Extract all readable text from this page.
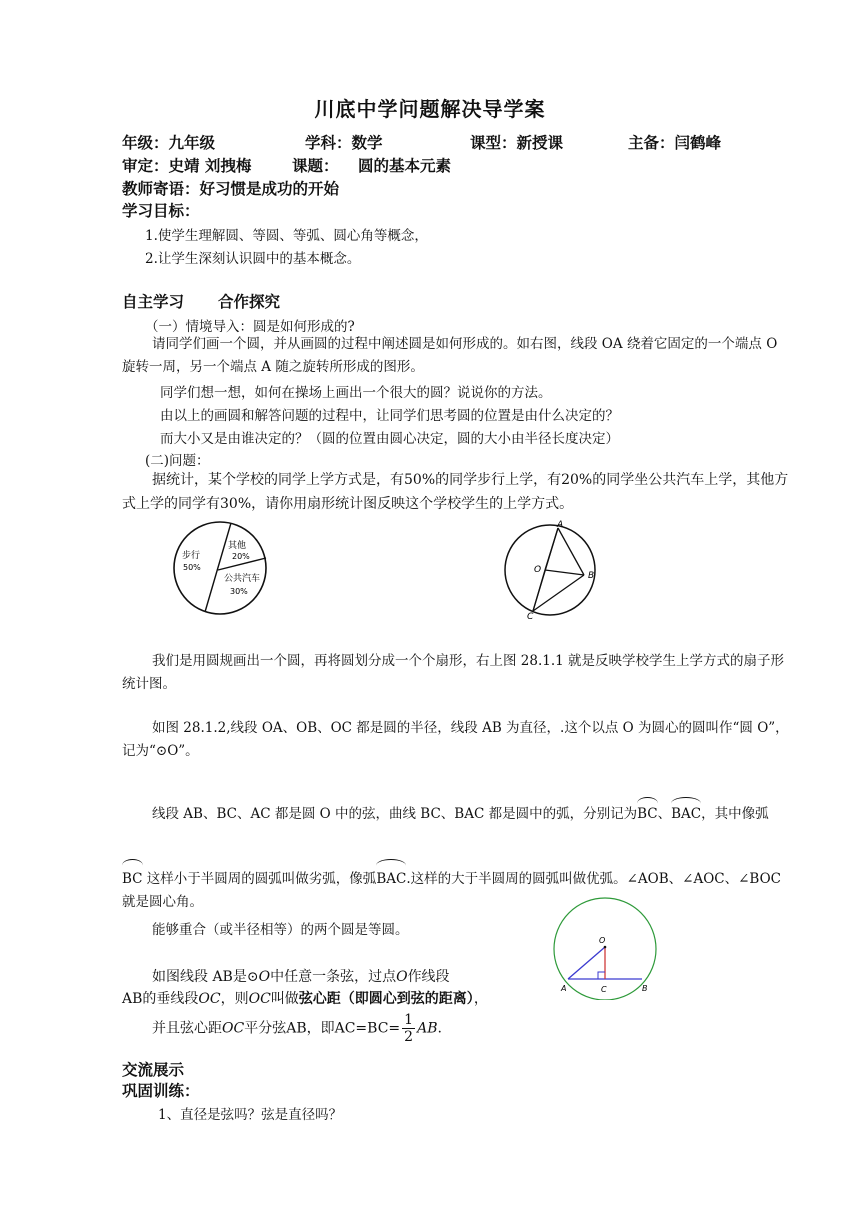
川底中学问题解决导学案
年级：九年级	学科：数学	课型：新授课	主备：闫鹤峰
审定：史靖 刘拽梅	课题： 圆的基本元素
教师寄语：好习惯是成功的开始
学习目标：
1.使学生理解圆、等圆、等弧、圆心角等概念，
2.让学生深刻认识圆中的基本概念。
自主学习 合作探究
（一）情境导入：圆是如何形成的?
请同学们画一个圆，并从画圆的过程中阐述圆是如何形成的。如右图，线段 OA 绕着它固定的一个端点 O 旋转一周，另一个端点 A 随之旋转所形成的图形。
同学们想一想，如何在操场上画出一个很大的圆？说说你的方法。
由以上的画圆和解答问题的过程中，让同学们思考圆的位置是由什么决定的？
而大小又是由谁决定的？（圆的位置由圆心决定，圆的大小由半径长度决定）
(二)问题：
据统计，某个学校的同学上学方式是，有50%的同学步行上学，有20%的同学坐公共汽车上学，其他方式上学的同学有30%，请你用扇形统计图反映这个学校学生的上学方式。
步行
50%
其他
20%
公共汽车
30%
A
B
C
O
我们是用圆规画出一个圆，再将圆划分成一个个扇形，右上图 28.1.1 就是反映学校学生上学方式的扇子形统计图。
如图 28.1.2,线段 OA、OB、OC 都是圆的半径，线段 AB 为直径，.这个以点 O 为圆心的圆叫作“圆 O”，记为“⊙O”。
线段 AB、BC、AC 都是圆 O 中的弦，曲线 BC、BAC 都是圆中的弧，分别记为BC、BAC，其中像弧
BC 这样小于半圆周的圆弧叫做劣弧，像弧BAC.这样的大于半圆周的圆弧叫做优弧。∠AOB、∠AOC、∠BOC 就是圆心角。
能够重合（或半径相等）的两个圆是等圆。
如图线段 AB是⊙O中任意一条弦，过点O作线段
AB的垂线段OC，则OC叫做弦心距（即圆心到弦的距离），
并且弦心距OC平分弦AB，即$AC=BC= \frac{1}{2}$ AB.
O
A	B
C
交流展示
巩固训练：
1、直径是弦吗？弦是直径吗？
